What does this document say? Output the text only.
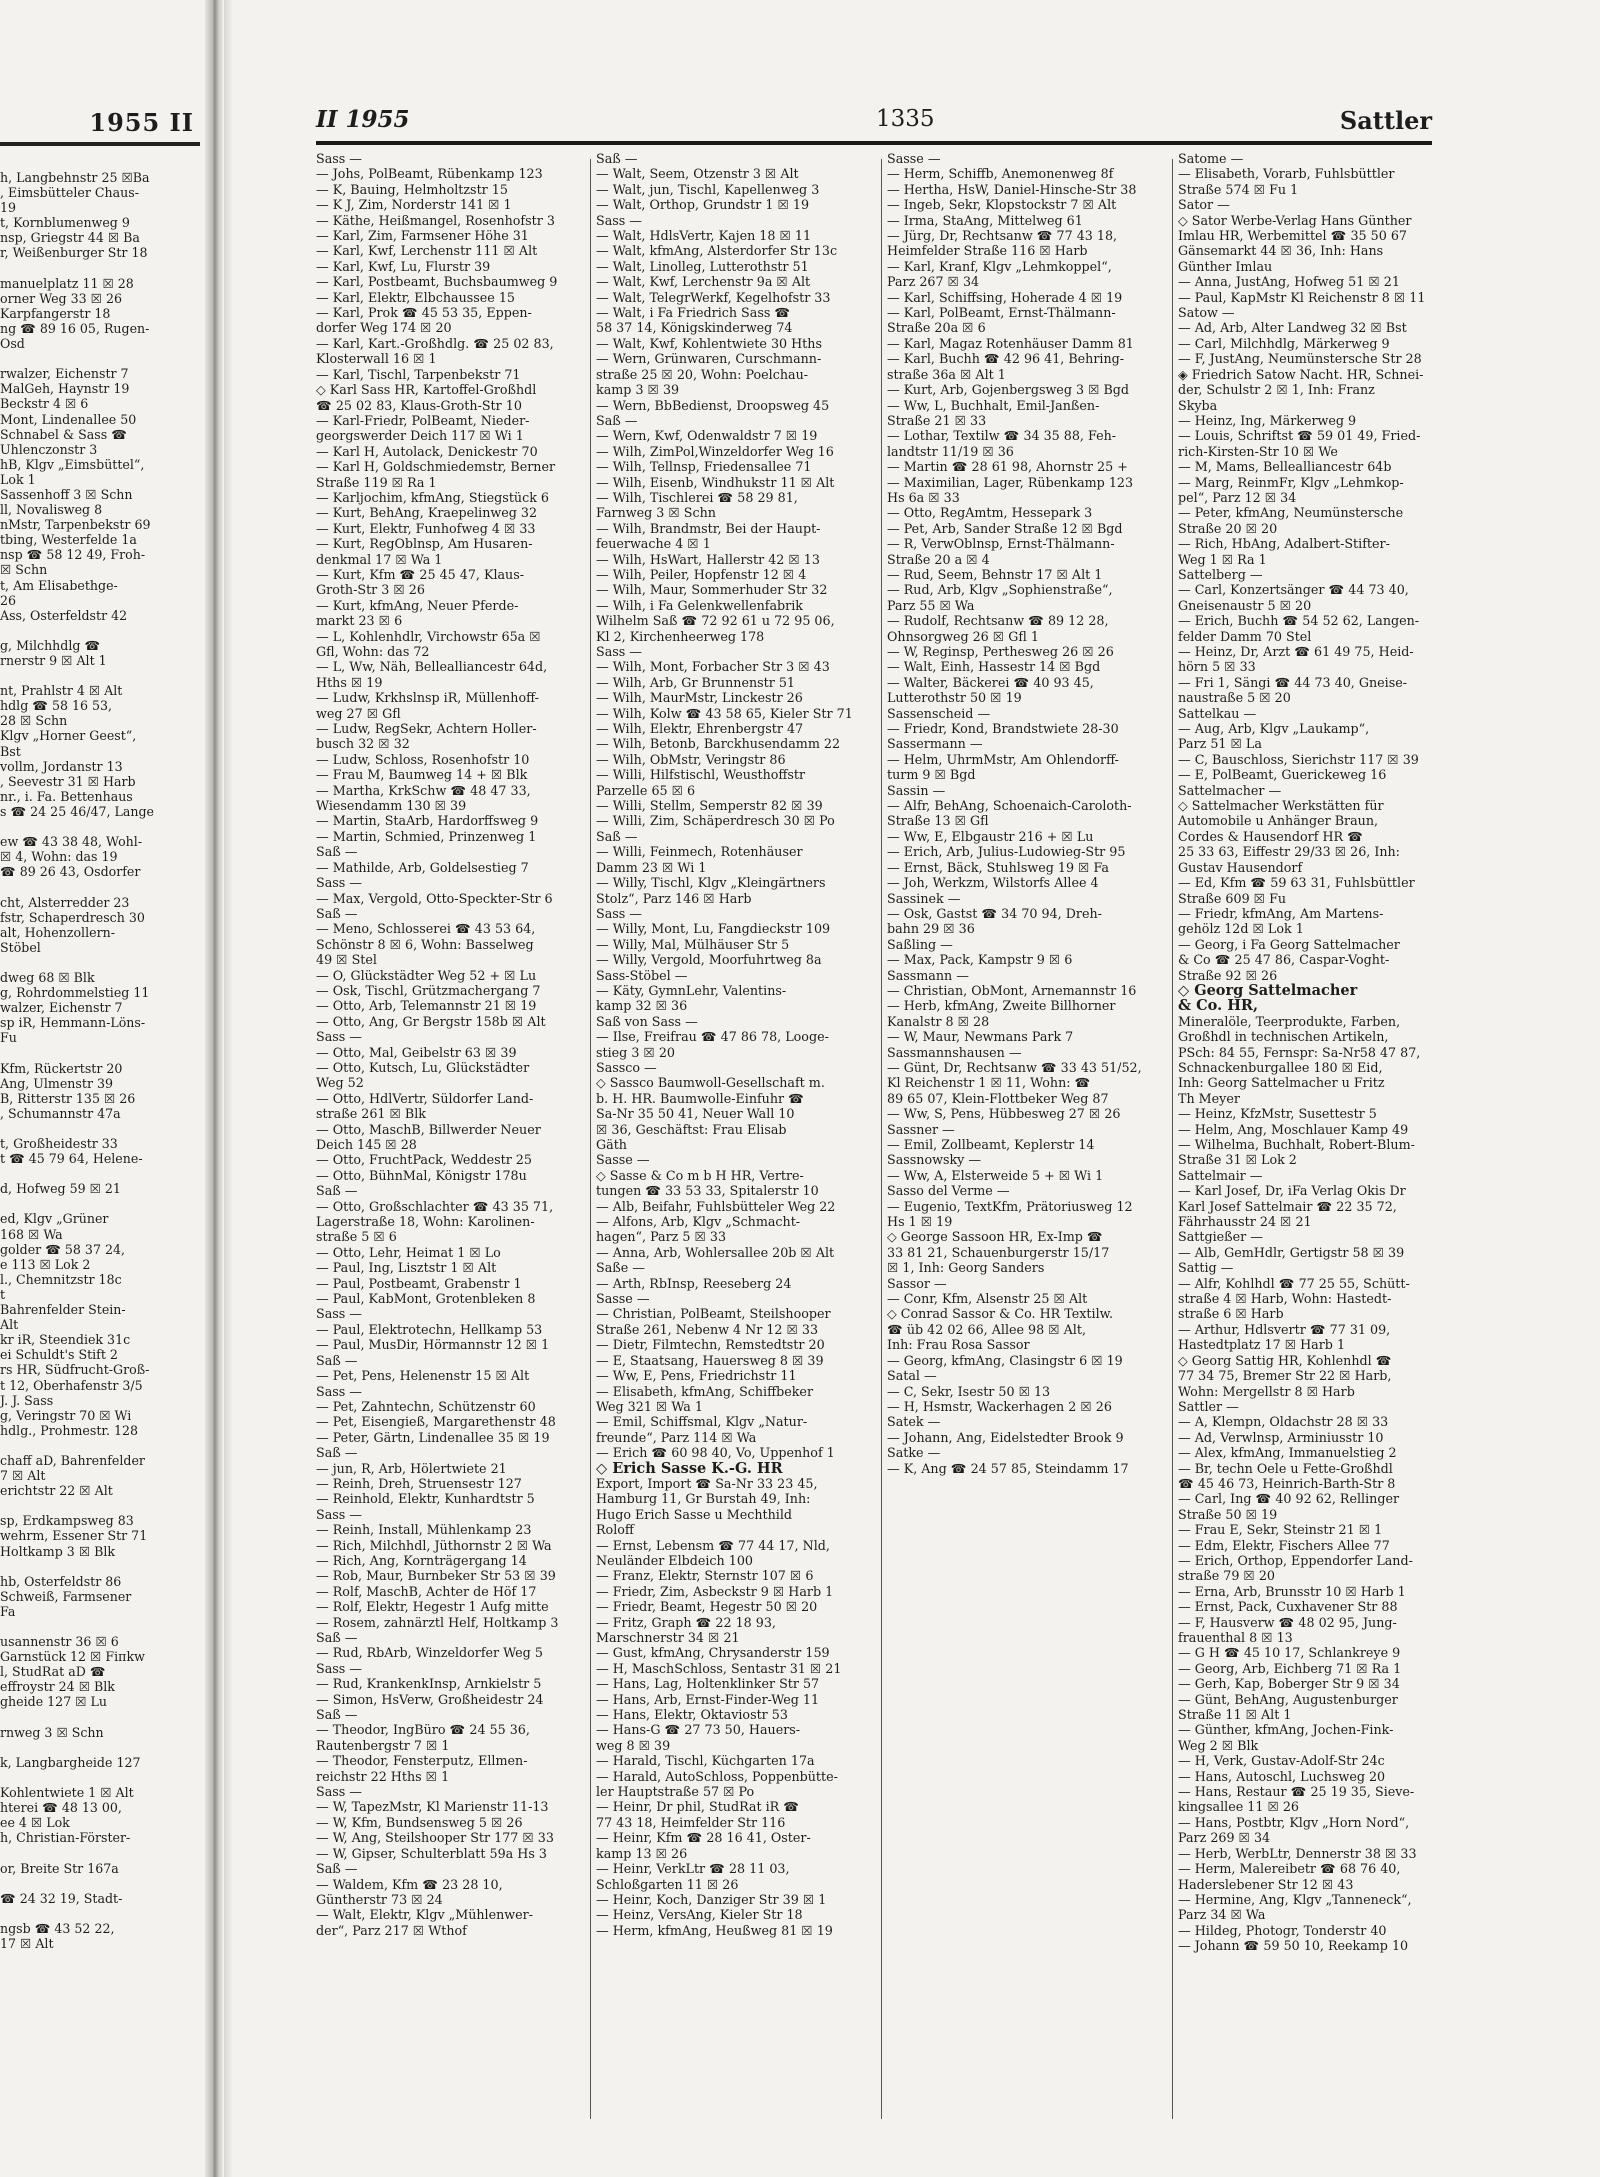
1955 II
h, Langbehnstr 25 ☒Ba
, Eimsbütteler Chaus-
19
t, Kornblumenweg 9
nsp, Griegstr 44 ☒ Ba
r, Weißenburger Str 18

manuelplatz 11 ☒ 28
orner Weg 33 ☒ 26
Karpfangerstr 18
ng ☎ 89 16 05, Rugen-
Osd

rwalzer, Eichenstr 7
MalGeh, Haynstr 19
Beckstr 4 ☒ 6
Mont, Lindenallee 50
Schnabel & Sass ☎
Uhlenczonstr 3
hB, Klgv „Eimsbüttel“,
Lok 1
Sassenhoff 3 ☒ Schn
ll, Novalisweg 8
nMstr, Tarpenbekstr 69
tbing, Westerfelde 1a
nsp ☎ 58 12 49, Froh-
☒ Schn
t, Am Elisabethge-
26
Ass, Osterfeldstr 42

g, Milchhdlg ☎
rnerstr 9 ☒ Alt 1

nt, Prahlstr 4 ☒ Alt
hdlg ☎ 58 16 53,
28 ☒ Schn
Klgv „Horner Geest“,
Bst
vollm, Jordanstr 13
, Seevestr 31 ☒ Harb
nr., i. Fa. Bettenhaus
s ☎ 24 25 46/47, Lange

ew ☎ 43 38 48, Wohl-
☒ 4, Wohn: das 19
☎ 89 26 43, Osdorfer

cht, Alsterredder 23
fstr, Schaperdresch 30
alt, Hohenzollern-
Stöbel

dweg 68 ☒ Blk
g, Rohrdommelstieg 11
walzer, Eichenstr 7
sp iR, Hemmann-Löns-
Fu

Kfm, Rückertstr 20
Ang, Ulmenstr 39
B, Ritterstr 135 ☒ 26
, Schumannstr 47a

t, Großheidestr 33
t ☎ 45 79 64, Helene-

d, Hofweg 59 ☒ 21

ed, Klgv „Grüner
168 ☒ Wa
golder ☎ 58 37 24,
e 113 ☒ Lok 2
l., Chemnitzstr 18c
t
Bahrenfelder Stein-
Alt
kr iR, Steendiek 31c
ei Schuldt's Stift 2
rs HR, Südfrucht-Groß-
t 12, Oberhafenstr 3/5
J. J. Sass
g, Veringstr 70 ☒ Wi
hdlg., Prohmestr. 128

chaff aD, Bahrenfelder
7 ☒ Alt
erichtstr 22 ☒ Alt

sp, Erdkampsweg 83
wehrm, Essener Str 71
Holtkamp 3 ☒ Blk

hb, Osterfeldstr 86
Schweiß, Farmsener
Fa

usannenstr 36 ☒ 6
Garnstück 12 ☒ Fiпkw
l, StudRat aD ☎
effroystr 24 ☒ Blk
gheide 127 ☒ Lu

rnweg 3 ☒ Schn

k, Langbargheide 127

Kohlentwiete 1 ☒ Alt
hterei ☎ 48 13 00,
ee 4 ☒ Lok
h, Christian-Förster-

or, Breite Str 167a

☎ 24 32 19, Stadt-

ngsb ☎ 43 52 22,
17 ☒ Alt
II 1955	1335	Sattler
Sass —
— Johs, PolBeamt, Rübenkamp 123
— K, Bauing, Helmholtzstr 15
— K J, Zim, Norderstr 141 ☒ 1
— Käthe, Heißmangel, Rosenhofstr 3
— Karl, Zim, Farmsener Höhe 31
— Karl, Kwf, Lerchenstr 111 ☒ Alt
— Karl, Kwf, Lu, Flurstr 39
— Karl, Postbeamt, Buchsbaumweg 9
— Karl, Elektr, Elbchaussee 15
— Karl, Prok ☎ 45 53 35, Eppen-
dorfer Weg 174 ☒ 20
— Karl, Kart.-Großhdlg. ☎ 25 02 83,
Klosterwall 16 ☒ 1
— Karl, Tischl, Tarpenbekstr 71
◇ Karl Sass HR, Kartoffel-Großhdl
☎ 25 02 83, Klaus-Groth-Str 10
— Karl-Friedr, PolBeamt, Nieder-
georgswerder Deich 117 ☒ Wi 1
— Karl H, Autolack, Denickestr 70
— Karl H, Goldschmiedemstr, Berner
Straße 119 ☒ Ra 1
— Karljochim, kfmAng, Stiegstück 6
— Kurt, BehAng, Kraepelinweg 32
— Kurt, Elektr, Funhofweg 4 ☒ 33
— Kurt, RegOblnsp, Am Husaren-
denkmal 17 ☒ Wa 1
— Kurt, Kfm ☎ 25 45 47, Klaus-
Groth-Str 3 ☒ 26
— Kurt, kfmAng, Neuer Pferde-
markt 23 ☒ 6
— L, Kohlenhdlr, Virchowstr 65a ☒
Gfl, Wohn: das 72
— L, Ww, Näh, Bellealliancestr 64d,
Hths ☒ 19
— Ludw, Krkhslnsp iR, Müllenhoff-
weg 27 ☒ Gfl
— Ludw, RegSekr, Achtern Holler-
busch 32 ☒ 32
— Ludw, Schloss, Rosenhofstr 10
— Frau M, Baumweg 14 + ☒ Blk
— Martha, KrkSchw ☎ 48 47 33,
Wiesendamm 130 ☒ 39
— Martin, StaArb, Hardorffsweg 9
— Martin, Schmied, Prinzenweg 1
Saß —
— Mathilde, Arb, Goldelsestieg 7
Sass —
— Max, Vergold, Otto-Speckter-Str 6
Saß —
— Meno, Schlosserei ☎ 43 53 64,
Schönstr 8 ☒ 6, Wohn: Basselweg
49 ☒ Stel
— O, Glückstädter Weg 52 + ☒ Lu
— Osk, Tischl, Grützmachergang 7
— Otto, Arb, Telemannstr 21 ☒ 19
— Otto, Ang, Gr Bergstr 158b ☒ Alt
Sass —
— Otto, Mal, Geibelstr 63 ☒ 39
— Otto, Kutsch, Lu, Glückstädter
Weg 52
— Otto, HdlVertr, Süldorfer Land-
straße 261 ☒ Blk
— Otto, MaschB, Billwerder Neuer
Deich 145 ☒ 28
— Otto, FruchtPack, Weddestr 25
— Otto, BühnMal, Königstr 178u
Saß —
— Otto, Großschlachter ☎ 43 35 71,
Lagerstraße 18, Wohn: Karolinen-
straße 5 ☒ 6
— Otto, Lehr, Heimat 1 ☒ Lo
— Paul, Ing, Lisztstr 1 ☒ Alt
— Paul, Postbeamt, Grabenstr 1
— Paul, KabMont, Grotenbleken 8
Sass —
— Paul, Elektrotechn, Hellkamp 53
— Paul, MusDir, Hörmannstr 12 ☒ 1
Saß —
— Pet, Pens, Helenenstr 15 ☒ Alt
Sass —
— Pet, Zahntechn, Schützenstr 60
— Pet, Eisengieß, Margarethenstr 48
— Peter, Gärtn, Lindenallee 35 ☒ 19
Saß —
— jun, R, Arb, Hölertwiete 21
— Reinh, Dreh, Struensestr 127
— Reinhold, Elektr, Kunhardtstr 5
Sass —
— Reinh, Install, Mühlenkamp 23
— Rich, Milchhdl, Jüthornstr 2 ☒ Wa
— Rich, Ang, Kornträgergang 14
— Rob, Maur, Burnbeker Str 53 ☒ 39
— Rolf, MaschB, Achter de Höf 17
— Rolf, Elektr, Hegestr 1 Aufg mitte
— Rosem, zahnärztl Helf, Holtkamp 3
Saß —
— Rud, RbArb, Winzeldorfer Weg 5
Sass —
— Rud, KrankenkInsp, Arnkielstr 5
— Simon, HsVerw, Großheidestr 24
Saß —
— Theodor, IngBüro ☎ 24 55 36,
Rautenbergstr 7 ☒ 1
— Theodor, Fensterputz, Ellmen-
reichstr 22 Hths ☒ 1
Sass —
— W, TapezMstr, Kl Marienstr 11-13
— W, Kfm, Bundsensweg 5 ☒ 26
— W, Ang, Steilshooper Str 177 ☒ 33
— W, Gipser, Schulterblatt 59a Hs 3
Saß —
— Waldem, Kfm ☎ 23 28 10,
Güntherstr 73 ☒ 24
— Walt, Elektr, Klgv „Mühlenwer-
der“, Parz 217 ☒ Wthof
Saß —
— Walt, Seem, Otzenstr 3 ☒ Alt
— Walt, jun, Tischl, Kapellenweg 3
— Walt, Orthop, Grundstr 1 ☒ 19
Sass —
— Walt, HdlsVertr, Kajen 18 ☒ 11
— Walt, kfmAng, Alsterdorfer Str 13c
— Walt, Linolleg, Lutterothstr 51
— Walt, Kwf, Lerchenstr 9a ☒ Alt
— Walt, TelegrWerkf, Kegelhofstr 33
— Walt, i Fa Friedrich Sass ☎
58 37 14, Königskinderweg 74
— Walt, Kwf, Kohlentwiete 30 Hths
— Wern, Grünwaren, Curschmann-
straße 25 ☒ 20, Wohn: Poelchau-
kamp 3 ☒ 39
— Wern, BbBedienst, Droopsweg 45
Saß —
— Wern, Kwf, Odenwaldstr 7 ☒ 19
— Wilh, ZimPol,Winzeldorfer Weg 16
— Wilh, Tellnsp, Friedensallee 71
— Wilh, Eisenb, Windhukstr 11 ☒ Alt
— Wilh, Tischlerei ☎ 58 29 81,
Farnweg 3 ☒ Schn
— Wilh, Brandmstr, Bei der Haupt-
feuerwache 4 ☒ 1
— Wilh, HsWart, Hallerstr 42 ☒ 13
— Wilh, Peiler, Hopfenstr 12 ☒ 4
— Wilh, Maur, Sommerhuder Str 32
— Wilh, i Fa Gelenkwellenfabrik
Wilhelm Saß ☎ 72 92 61 u 72 95 06,
Kl 2, Kirchenheerweg 178
Sass —
— Wilh, Mont, Forbacher Str 3 ☒ 43
— Wilh, Arb, Gr Brunnenstr 51
— Wilh, MaurMstr, Linckestr 26
— Wilh, Kolw ☎ 43 58 65, Kieler Str 71
— Wilh, Elektr, Ehrenbergstr 47
— Wilh, Betonb, Barckhusendamm 22
— Wilh, ObMstr, Veringstr 86
— Willi, Hilfstischl, Weusthoffstr
Parzelle 65 ☒ 6
— Willi, Stellm, Semperstr 82 ☒ 39
— Willi, Zim, Schäperdresch 30 ☒ Po
Saß —
— Willi, Feinmech, Rotenhäuser
Damm 23 ☒ Wi 1
— Willy, Tischl, Klgv „Kleingärtners
Stolz“, Parz 146 ☒ Harb
Sass —
— Willy, Mont, Lu, Fangdieckstr 109
— Willy, Mal, Mülhäuser Str 5
— Willy, Vergold, Moorfuhrtweg 8a
Sass-Stöbel —
— Käty, GymnLehr, Valentins-
kamp 32 ☒ 36
Saß von Sass —
— Ilse, Freifrau ☎ 47 86 78, Looge-
stieg 3 ☒ 20
Sassco —
◇ Sassco Baumwoll-Gesellschaft m.
b. H. HR. Baumwolle-Einfuhr ☎
Sa-Nr 35 50 41, Neuer Wall 10
☒ 36, Geschäftst: Frau Elisab
Gäth
Sasse —
◇ Sasse & Co m b H HR, Vertre-
tungen ☎ 33 53 33, Spitalerstr 10
— Alb, Beifahr, Fuhlsbütteler Weg 22
— Alfons, Arb, Klgv „Schmacht-
hagen“, Parz 5 ☒ 33
— Anna, Arb, Wohlersallee 20b ☒ Alt
Saße —
— Arth, RbInsp, Reeseberg 24
Sasse —
— Christian, PolBeamt, Steilshooper
Straße 261, Nebenw 4 Nr 12 ☒ 33
— Dietr, Filmtechn, Remstedtstr 20
— E, Staatsang, Hauersweg 8 ☒ 39
— Ww, E, Pens, Friedrichstr 11
— Elisabeth, kfmAng, Schiffbeker
Weg 321 ☒ Wa 1
— Emil, Schiffsmal, Klgv „Natur-
freunde“, Parz 114 ☒ Wa
— Erich ☎ 60 98 40, Vo, Uppenhof 1
◇ Erich Sasse K.-G. HR
Export, Import ☎ Sa-Nr 33 23 45,
Hamburg 11, Gr Burstah 49, Inh:
Hugo Erich Sasse u Mechthild
Roloff
— Ernst, Lebensm ☎ 77 44 17, Nld,
Neuländer Elbdeich 100
— Franz, Elektr, Sternstr 107 ☒ 6
— Friedr, Zim, Asbeckstr 9 ☒ Harb 1
— Friedr, Beamt, Hegestr 50 ☒ 20
— Fritz, Graph ☎ 22 18 93,
Marschnerstr 34 ☒ 21
— Gust, kfmAng, Chrysanderstr 159
— H, MaschSchloss, Sentastr 31 ☒ 21
— Hans, Lag, Holtenklinker Str 57
— Hans, Arb, Ernst-Finder-Weg 11
— Hans, Elektr, Oktaviostr 53
— Hans-G ☎ 27 73 50, Hauers-
weg 8 ☒ 39
— Harald, Tischl, Küchgarten 17a
— Harald, AutoSchloss, Poppenbütte-
ler Hauptstraße 57 ☒ Po
— Heinr, Dr phil, StudRat iR ☎
77 43 18, Heimfelder Str 116
— Heinr, Kfm ☎ 28 16 41, Oster-
kamp 13 ☒ 26
— Heinr, VerkLtr ☎ 28 11 03,
Schloßgarten 11 ☒ 26
— Heinr, Koch, Danziger Str 39 ☒ 1
— Heinz, VersAng, Kieler Str 18
— Herm, kfmAng, Heußweg 81 ☒ 19
Sasse —
— Herm, Schiffb, Anemonenweg 8f
— Hertha, HsW, Daniel-Hinsche-Str 38
— Ingeb, Sekr, Klopstockstr 7 ☒ Alt
— Irma, StaAng, Mittelweg 61
— Jürg, Dr, Rechtsanw ☎ 77 43 18,
Heimfelder Straße 116 ☒ Harb
— Karl, Kranf, Klgv „Lehmkoppel“,
Parz 267 ☒ 34
— Karl, Schiffsing, Hoherade 4 ☒ 19
— Karl, PolBeamt, Ernst-Thälmann-
Straße 20a ☒ 6
— Karl, Magaz Rotenhäuser Damm 81
— Karl, Buchh ☎ 42 96 41, Behring-
straße 36a ☒ Alt 1
— Kurt, Arb, Gojenbergsweg 3 ☒ Bgd
— Ww, L, Buchhalt, Emil-Janßen-
Straße 21 ☒ 33
— Lothar, Textilw ☎ 34 35 88, Feh-
landtstr 11/19 ☒ 36
— Martin ☎ 28 61 98, Ahornstr 25 +
— Maximilian, Lager, Rübenkamp 123
Hs 6a ☒ 33
— Otto, RegAmtm, Hessepark 3
— Pet, Arb, Sander Straße 12 ☒ Bgd
— R, VerwOblnsp, Ernst-Thälmann-
Straße 20 a ☒ 4
— Rud, Seem, Behnstr 17 ☒ Alt 1
— Rud, Arb, Klgv „Sophienstraße“,
Parz 55 ☒ Wa
— Rudolf, Rechtsanw ☎ 89 12 28,
Ohnsorgweg 26 ☒ Gfl 1
— W, Reginsp, Perthesweg 26 ☒ 26
— Walt, Einh, Hassestr 14 ☒ Bgd
— Walter, Bäckerei ☎ 40 93 45,
Lutterothstr 50 ☒ 19
Sassenscheid —
— Friedr, Kond, Brandstwiete 28-30
Sassermann —
— Helm, UhrmMstr, Am Ohlendorff-
turm 9 ☒ Bgd
Sassin —
— Alfr, BehAng, Schoenaich-Caroloth-
Straße 13 ☒ Gfl
— Ww, E, Elbgaustr 216 + ☒ Lu
— Erich, Arb, Julius-Ludowieg-Str 95
— Ernst, Bäck, Stuhlsweg 19 ☒ Fa
— Joh, Werkzm, Wilstorfs Allee 4
Sassinek —
— Osk, Gastst ☎ 34 70 94, Dreh-
bahn 29 ☒ 36
Saßling —
— Max, Pack, Kampstr 9 ☒ 6
Sassmann —
— Christian, ObMont, Arnemannstr 16
— Herb, kfmAng, Zweite Billhorner
Kanalstr 8 ☒ 28
— W, Maur, Newmans Park 7
Sassmannshausen —
— Günt, Dr, Rechtsanw ☎ 33 43 51/52,
Kl Reichenstr 1 ☒ 11, Wohn: ☎
89 65 07, Klein-Flottbeker Weg 87
— Ww, S, Pens, Hübbesweg 27 ☒ 26
Sassner —
— Emil, Zollbeamt, Keplerstr 14
Sassnowsky —
— Ww, A, Elsterweide 5 + ☒ Wi 1
Sasso del Verme —
— Eugenio, TextKfm, Prätoriusweg 12
Hs 1 ☒ 19
◇ George Sassoon HR, Ex-Imp ☎
33 81 21, Schauenburgerstr 15/17
☒ 1, Inh: Georg Sanders
Sassor —
— Conr, Kfm, Alsenstr 25 ☒ Alt
◇ Conrad Sassor & Co. HR Textilw.
☎ üb 42 02 66, Allee 98 ☒ Alt,
Inh: Frau Rosa Sassor
— Georg, kfmAng, Clasingstr 6 ☒ 19
Satal —
— C, Sekr, Isestr 50 ☒ 13
— H, Hsmstr, Wackerhagen 2 ☒ 26
Satek —
— Johann, Ang, Eidelstedter Brook 9
Satke —
— K, Ang ☎ 24 57 85, Steindamm 17
Satome —
— Elisabeth, Vorarb, Fuhlsbüttler
Straße 574 ☒ Fu 1
Sator —
◇ Sator Werbe-Verlag Hans Günther
Imlau HR, Werbemittel ☎ 35 50 67
Gänsemarkt 44 ☒ 36, Inh: Hans
Günther Imlau
— Anna, JustAng, Hofweg 51 ☒ 21
— Paul, KapMstr Kl Reichenstr 8 ☒ 11
Satow —
— Ad, Arb, Alter Landweg 32 ☒ Bst
— Carl, Milchhdlg, Märkerweg 9
— F, JustAng, Neumünstersche Str 28
◈ Friedrich Satow Nacht. HR, Schnei-
der, Schulstr 2 ☒ 1, Inh: Franz
Skyba
— Heinz, Ing, Märkerweg 9
— Louis, Schriftst ☎ 59 01 49, Fried-
rich-Kirsten-Str 10 ☒ We
— M, Mams, Bellealliancestr 64b
— Marg, ReinmFr, Klgv „Lehmkop-
pel“, Parz 12 ☒ 34
— Peter, kfmAng, Neumünstersche
Straße 20 ☒ 20
— Rich, HbAng, Adalbert-Stifter-
Weg 1 ☒ Ra 1
Sattelberg —
— Carl, Konzertsänger ☎ 44 73 40,
Gneisenaustr 5 ☒ 20
— Erich, Buchh ☎ 54 52 62, Langen-
felder Damm 70 Stel
— Heinz, Dr, Arzt ☎ 61 49 75, Heid-
hörn 5 ☒ 33
— Fri 1, Sängi ☎ 44 73 40, Gneise-
naustraße 5 ☒ 20
Sattelkau —
— Aug, Arb, Klgv „Laukamp“,
Parz 51 ☒ La
— C, Bauschloss, Sierichstr 117 ☒ 39
— E, PolBeamt, Guerickeweg 16
Sattelmacher —
◇ Sattelmacher Werkstätten für
Automobile u Anhänger Braun,
Cordes & Hausendorf HR ☎
25 33 63, Eiffestr 29/33 ☒ 26, Inh:
Gustav Hausendorf
— Ed, Kfm ☎ 59 63 31, Fuhlsbüttler
Straße 609 ☒ Fu
— Friedr, kfmAng, Am Martens-
gehölz 12d ☒ Lok 1
— Georg, i Fa Georg Sattelmacher
& Co ☎ 25 47 86, Caspar-Voght-
Straße 92 ☒ 26
◇ Georg Sattelmacher
& Co. HR,
Mineralöle, Teerprodukte, Farben,
Großhdl in technischen Artikeln,
PSch: 84 55, Fernspr: Sa-Nr58 47 87,
Schnackenburgallee 180 ☒ Eid,
Inh: Georg Sattelmacher u Fritz
Th Meyer
— Heinz, KfzMstr, Susettestr 5
— Helm, Ang, Moschlauer Kamp 49
— Wilhelma, Buchhalt, Robert-Blum-
Straße 31 ☒ Lok 2
Sattelmair —
— Karl Josef, Dr, iFa Verlag Okis Dr
Karl Josef Sattelmair ☎ 22 35 72,
Fährhausstr 24 ☒ 21
Sattgießer —
— Alb, GemHdlr, Gertigstr 58 ☒ 39
Sattig —
— Alfr, Kohlhdl ☎ 77 25 55, Schütt-
straße 4 ☒ Harb, Wohn: Hastedt-
straße 6 ☒ Harb
— Arthur, Hdlsvertr ☎ 77 31 09,
Hastedtplatz 17 ☒ Harb 1
◇ Georg Sattig HR, Kohlenhdl ☎
77 34 75, Bremer Str 22 ☒ Harb,
Wohn: Mergellstr 8 ☒ Harb
Sattler —
— A, Klempn, Oldachstr 28 ☒ 33
— Ad, Verwlnsp, Arminiusstr 10
— Alex, kfmAng, Immanuelstieg 2
— Br, techn Oele u Fette-Großhdl
☎ 45 46 73, Heinrich-Barth-Str 8
— Carl, Ing ☎ 40 92 62, Rellinger
Straße 50 ☒ 19
— Frau E, Sekr, Steinstr 21 ☒ 1
— Edm, Elektr, Fischers Allee 77
— Erich, Orthop, Eppendorfer Land-
straße 79 ☒ 20
— Erna, Arb, Brunsstr 10 ☒ Harb 1
— Ernst, Pack, Cuxhavener Str 88
— F, Hausverw ☎ 48 02 95, Jung-
frauenthal 8 ☒ 13
— G H ☎ 45 10 17, Schlankreye 9
— Georg, Arb, Eichberg 71 ☒ Ra 1
— Gerh, Kap, Boberger Str 9 ☒ 34
— Günt, BehAng, Augustenburger
Straße 11 ☒ Alt 1
— Günther, kfmAng, Jochen-Fink-
Weg 2 ☒ Blk
— H, Verk, Gustav-Adolf-Str 24c
— Hans, Autoschl, Luchsweg 20
— Hans, Restaur ☎ 25 19 35, Sieve-
kingsallee 11 ☒ 26
— Hans, Postbtr, Klgv „Horn Nord“,
Parz 269 ☒ 34
— Herb, WerbLtr, Dennerstr 38 ☒ 33
— Herm, Malereibetr ☎ 68 76 40,
Haderslebener Str 12 ☒ 43
— Hermine, Ang, Klgv „Tanneneck“,
Parz 34 ☒ Wa
— Hildeg, Photogr, Tonderstr 40
— Johann ☎ 59 50 10, Reekamp 10
